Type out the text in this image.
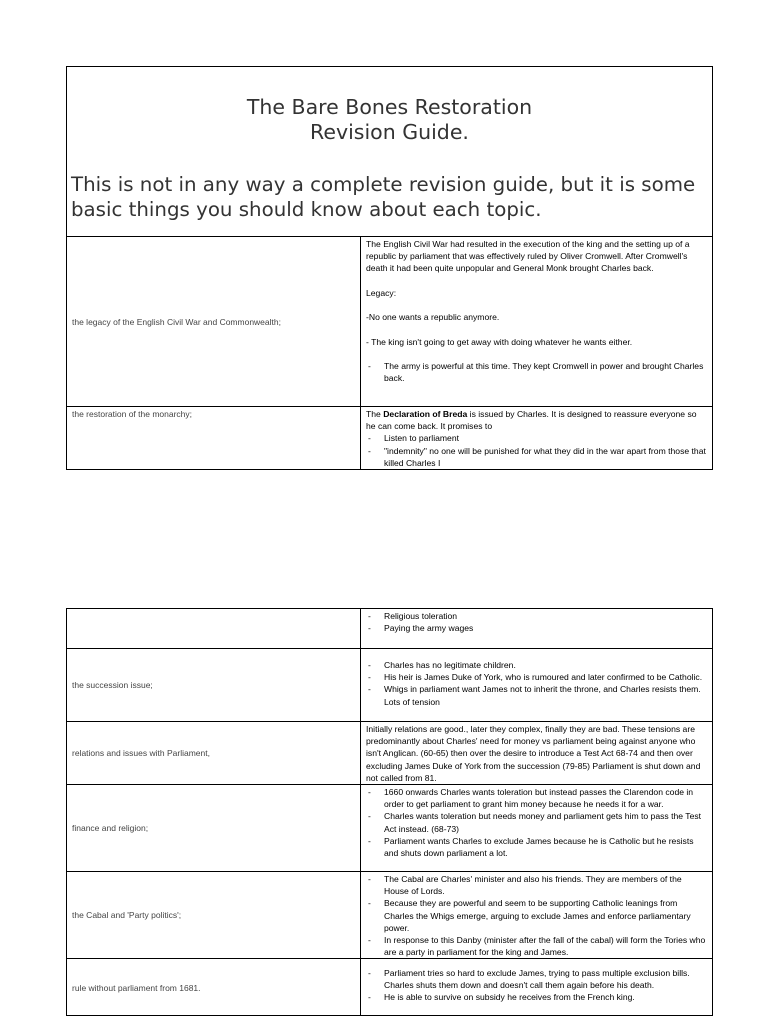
The Bare Bones Restoration
Revision Guide.
This is not in any way a complete revision guide, but it is some basic things you should know about each topic.
the legacy of the English Civil War and Commonwealth;

The English Civil War had resulted in the execution of the king and the setting up of a republic by parliament that was effectively ruled by Oliver Cromwell. After Cromwell's death it had been quite unpopular and General Monk brought Charles back.

Legacy:

-No one wants a republic anymore.

- The king isn't going to get away with doing whatever he wants either.

- The army is powerful at this time. They kept Cromwell in power and brought Charles back.
the restoration of the monarchy;	The Declaration of Breda is issued by Charles. It is designed to reassure everyone so he can come back. It promises to

- Listen to parliament
- "indemnity" no one will be punished for what they did in the war apart from those that killed Charles I
- Religious toleration
- Paying the army wages
the succession issue;
- Charles has no legitimate children.
- His heir is James Duke of York, who is rumoured and later confirmed to be Catholic.
- Whigs in parliament want James not to inherit the throne, and Charles resists them. Lots of tension
relations and issues with Parliament,

Initially relations are good., later they complex, finally they are bad. These tensions are predominantly about Charles' need for money vs parliament being against anyone who isn't Anglican. (60-65) then over the desire to introduce a Test Act 68-74 and then over excluding James Duke of York from the succession (79-85) Parliament is shut down and not called from 81.

finance and religion;
- 1660 onwards Charles wants toleration but instead passes the Clarendon code in order to get parliament to grant him money because he needs it for a war.
- Charles wants toleration but needs money and parliament gets him to pass the Test Act instead. (68-73)
- Parliament wants Charles to exclude James because he is Catholic but he resists and shuts down parliament a lot.
the Cabal and 'Party politics';
- The Cabal are Charles' minister and also his friends. They are members of the House of Lords.
- Because they are powerful and seem to be supporting Catholic leanings from Charles the Whigs emerge, arguing to exclude James and enforce parliamentary power.
- In response to this Danby (minister after the fall of the cabal) will form the Tories who are a party in parliament for the king and James.
rule without parliament from 1681.
- Parliament tries so hard to exclude James, trying to pass multiple exclusion bills. Charles shuts them down and doesn't call them again before his death.
- He is able to survive on subsidy he receives from the French king.
